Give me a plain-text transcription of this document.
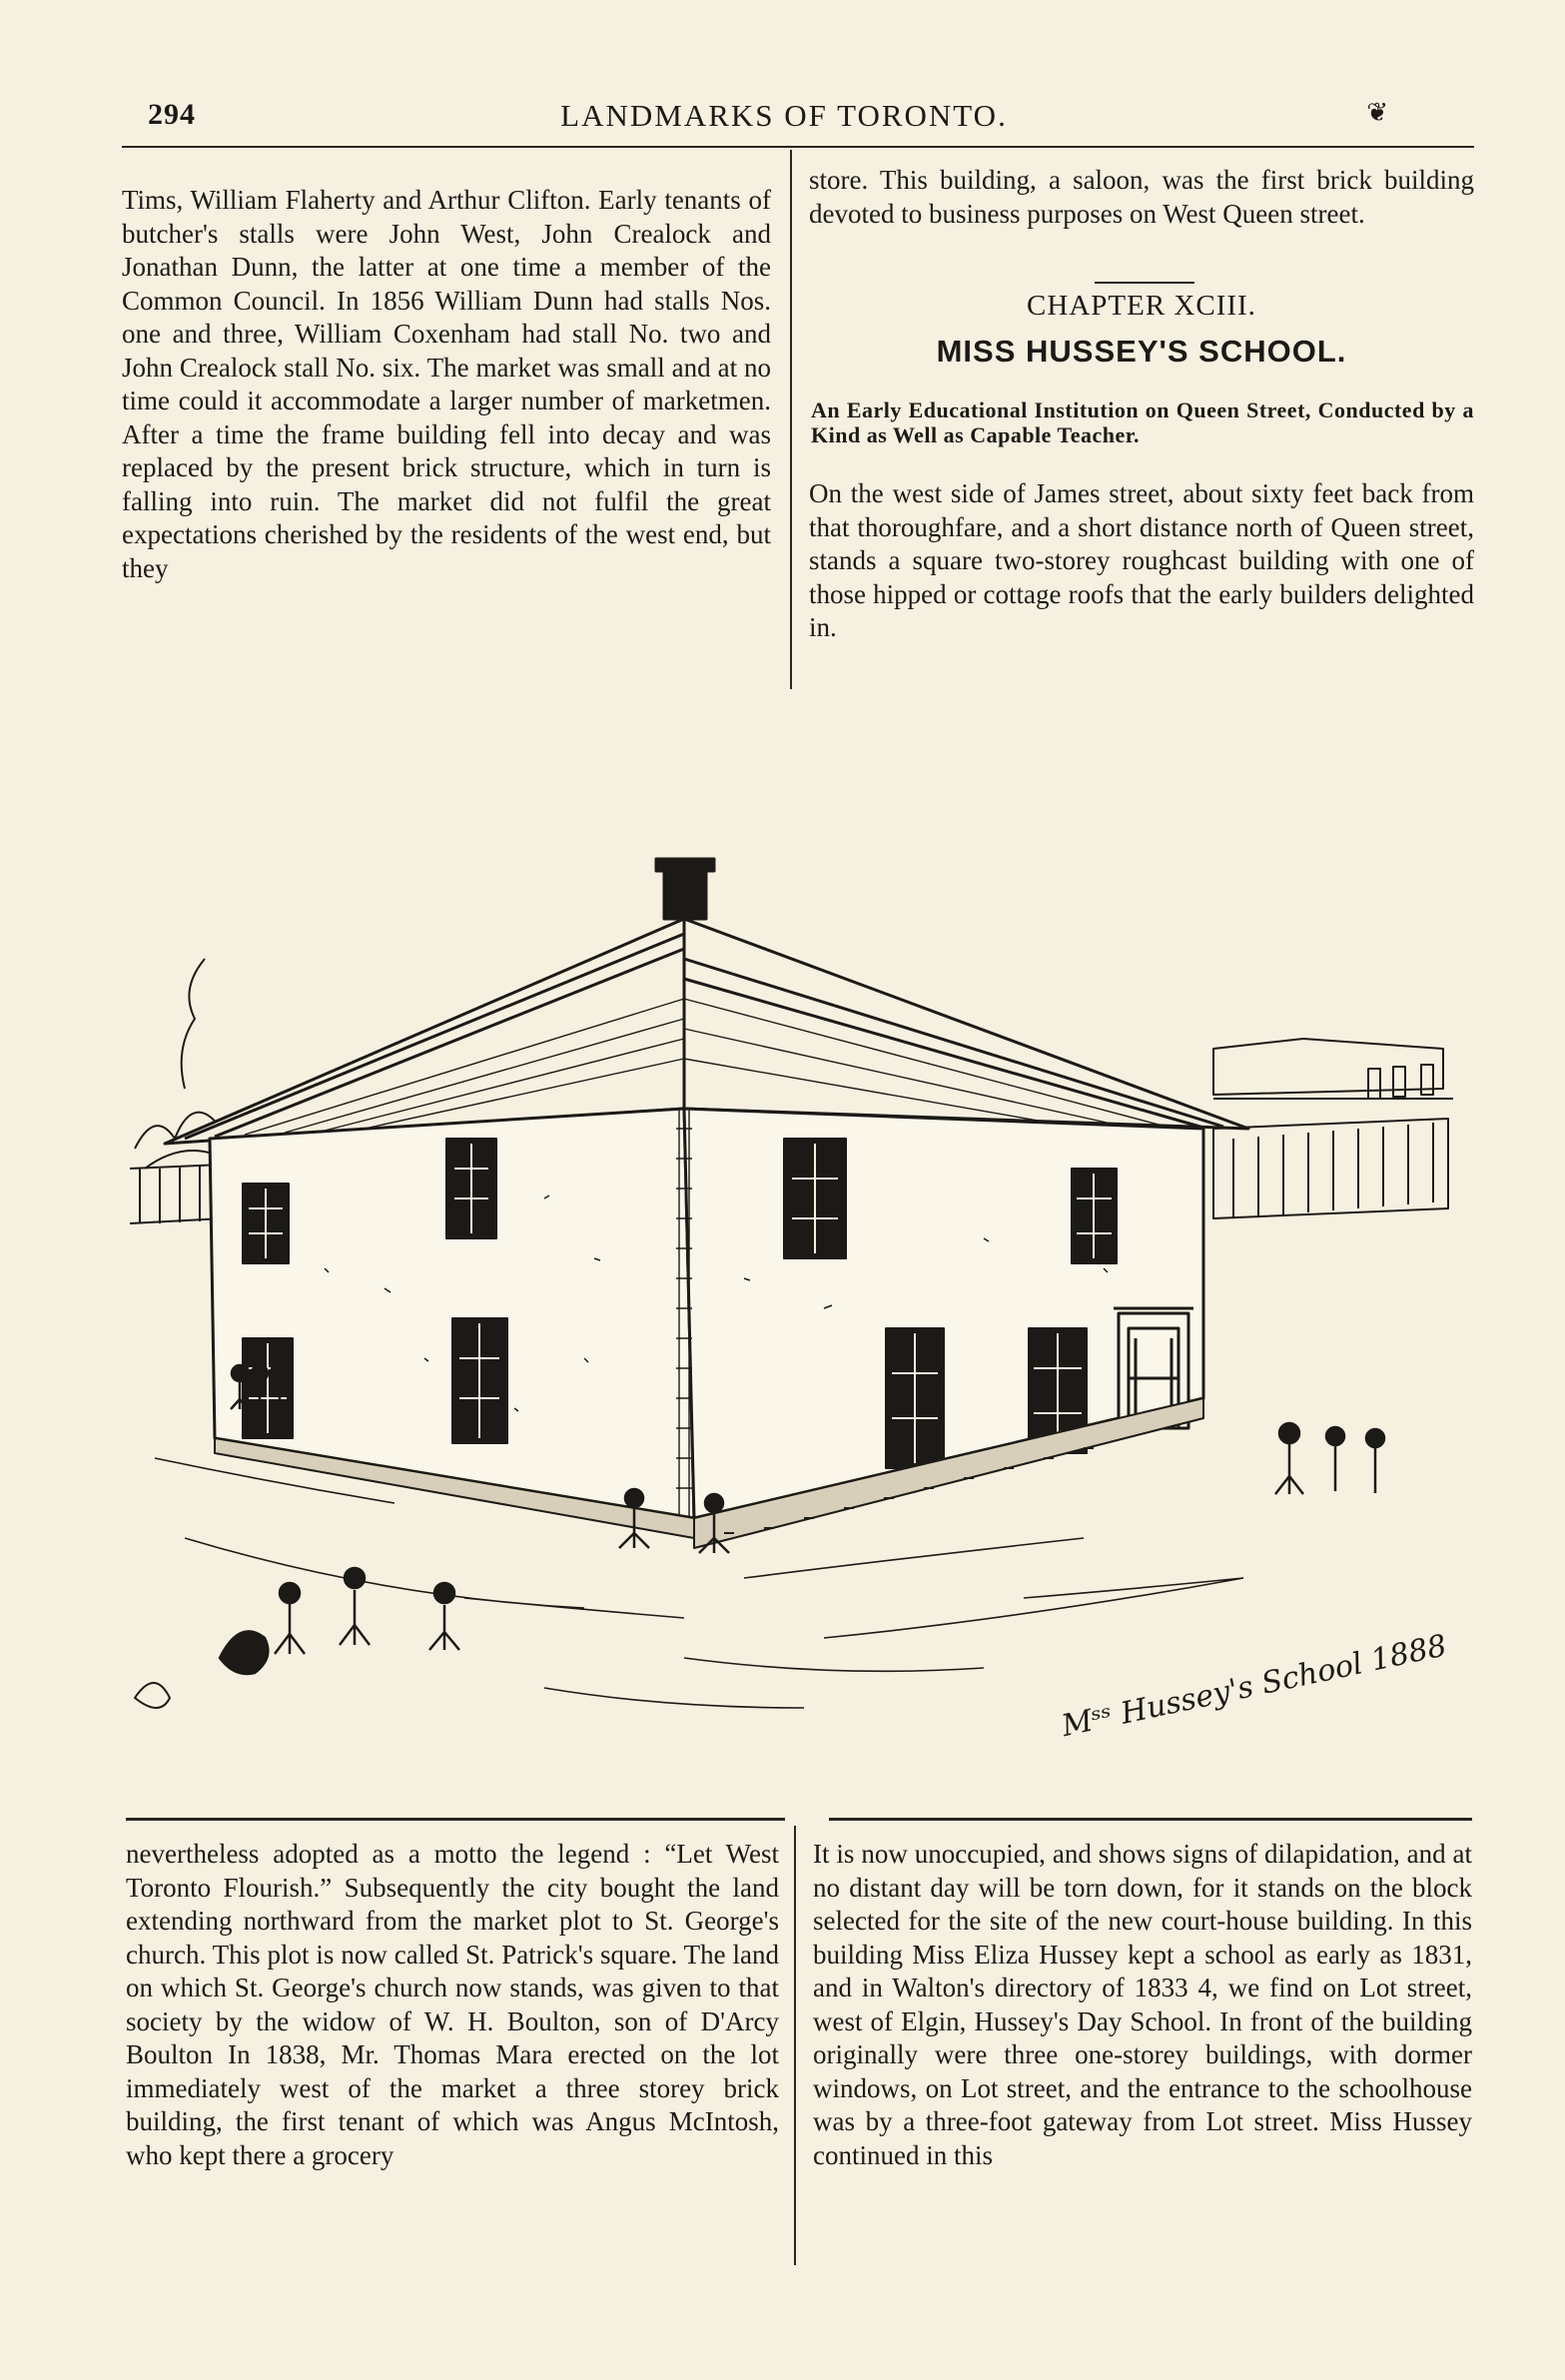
294	LANDMARKS OF TORONTO.	❦

Tims, William Flaherty and Arthur Clifton. Early tenants of butcher's stalls were John West, John Crealock and Jonathan Dunn, the latter at one time a member of the Common Council. In 1856 William Dunn had stalls Nos. one and three, William Coxenham had stall No. two and John Crealock stall No. six. The market was small and at no time could it accommodate a larger number of marketmen. After a time the frame building fell into decay and was replaced by the present brick structure, which in turn is falling into ruin. The market did not fulfil the great expectations cherished by the residents of the west end, but they

store. This building, a saloon, was the first brick building devoted to business purposes on West Queen street.

CHAPTER XCIII.
MISS HUSSEY'S SCHOOL.
An Early Educational Institution on Queen Street, Conducted by a Kind as Well as Capable Teacher.

On the west side of James street, about sixty feet back from that thoroughfare, and a short distance north of Queen street, stands a square two-storey roughcast building with one of those hipped or cottage roofs that the early builders delighted in.

Mˢˢ Hussey's School 1888

nevertheless adopted as a motto the legend : “Let West Toronto Flourish.” Subsequently the city bought the land extending northward from the market plot to St. George's church. This plot is now called St. Patrick's square. The land on which St. George's church now stands, was given to that society by the widow of W. H. Boulton, son of D'Arcy Boulton In 1838, Mr. Thomas Mara erected on the lot immediately west of the market a three storey brick building, the first tenant of which was Angus McIntosh, who kept there a grocery

It is now unoccupied, and shows signs of dilapidation, and at no distant day will be torn down, for it stands on the block selected for the site of the new court-house building. In this building Miss Eliza Hussey kept a school as early as 1831, and in Walton's directory of 1833 4, we find on Lot street, west of Elgin, Hussey's Day School. In front of the building originally were three one-storey buildings, with dormer windows, on Lot street, and the entrance to the schoolhouse was by a three-foot gateway from Lot street. Miss Hussey continued in this
